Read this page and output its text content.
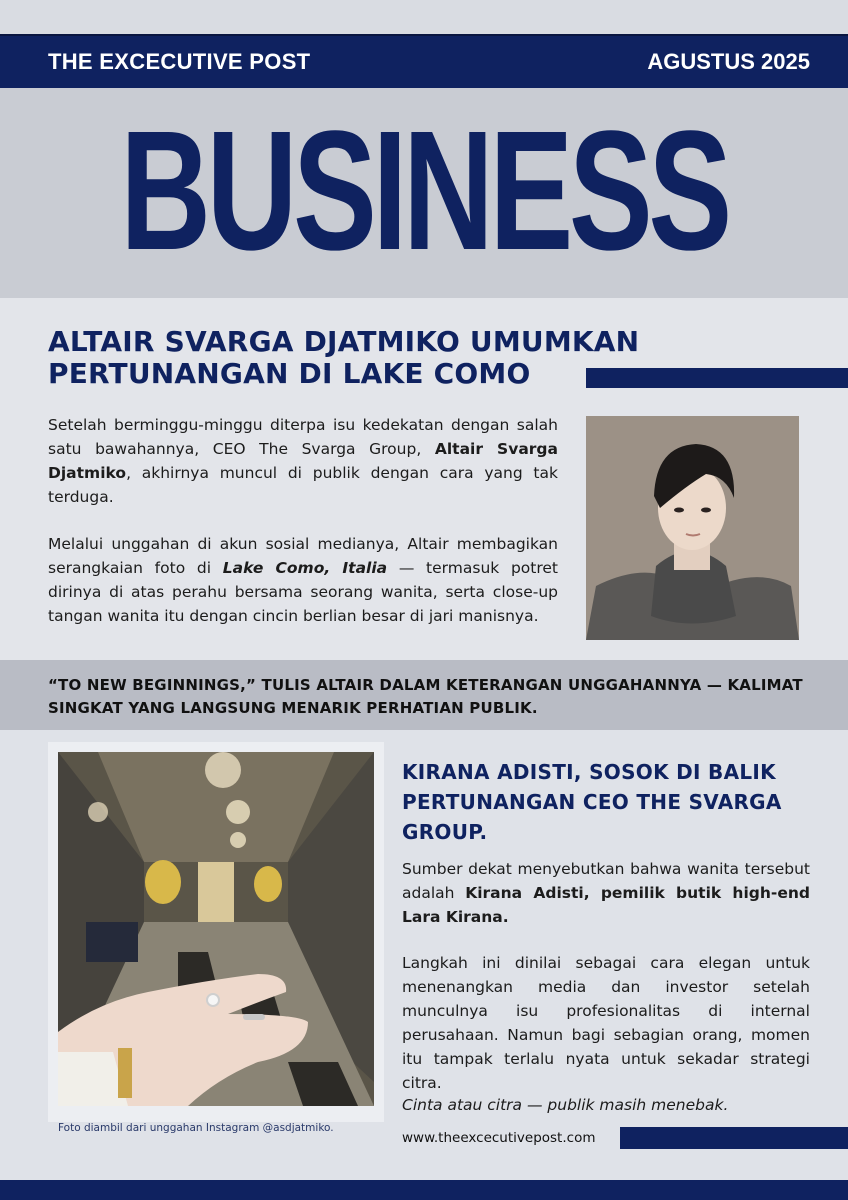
THE EXCECUTIVE POST	AGUSTUS 2025
BUSINESS
ALTAIR SVARGA DJATMIKO UMUMKAN
PERTUNANGAN DI LAKE COMO
Setelah berminggu-minggu diterpa isu kedekatan dengan salah satu bawahannya, CEO The Svarga Group, Altair Svarga Djatmiko, akhirnya muncul di publik dengan cara yang tak terduga.
Melalui unggahan di akun sosial medianya, Altair membagikan serangkaian foto di Lake Como, Italia — termasuk potret dirinya di atas perahu bersama seorang wanita, serta close-up tangan wanita itu dengan cincin berlian besar di jari manisnya.
“TO NEW BEGINNINGS,” TULIS ALTAIR DALAM KETERANGAN UNGGAHANNYA — KALIMAT SINGKAT YANG LANGSUNG MENARIK PERHATIAN PUBLIK.
Foto diambil dari unggahan Instagram @asdjatmiko.
KIRANA ADISTI, SOSOK DI BALIK
PERTUNANGAN CEO THE SVARGA
GROUP.
Sumber dekat menyebutkan bahwa wanita tersebut adalah Kirana Adisti, pemilik butik high-end Lara Kirana.
Langkah ini dinilai sebagai cara elegan untuk menenangkan media dan investor setelah munculnya isu profesionalitas di internal perusahaan. Namun bagi sebagian orang, momen itu tampak terlalu nyata untuk sekadar strategi citra.
Cinta atau citra — publik masih menebak.
www.theexcecutivepost.com
